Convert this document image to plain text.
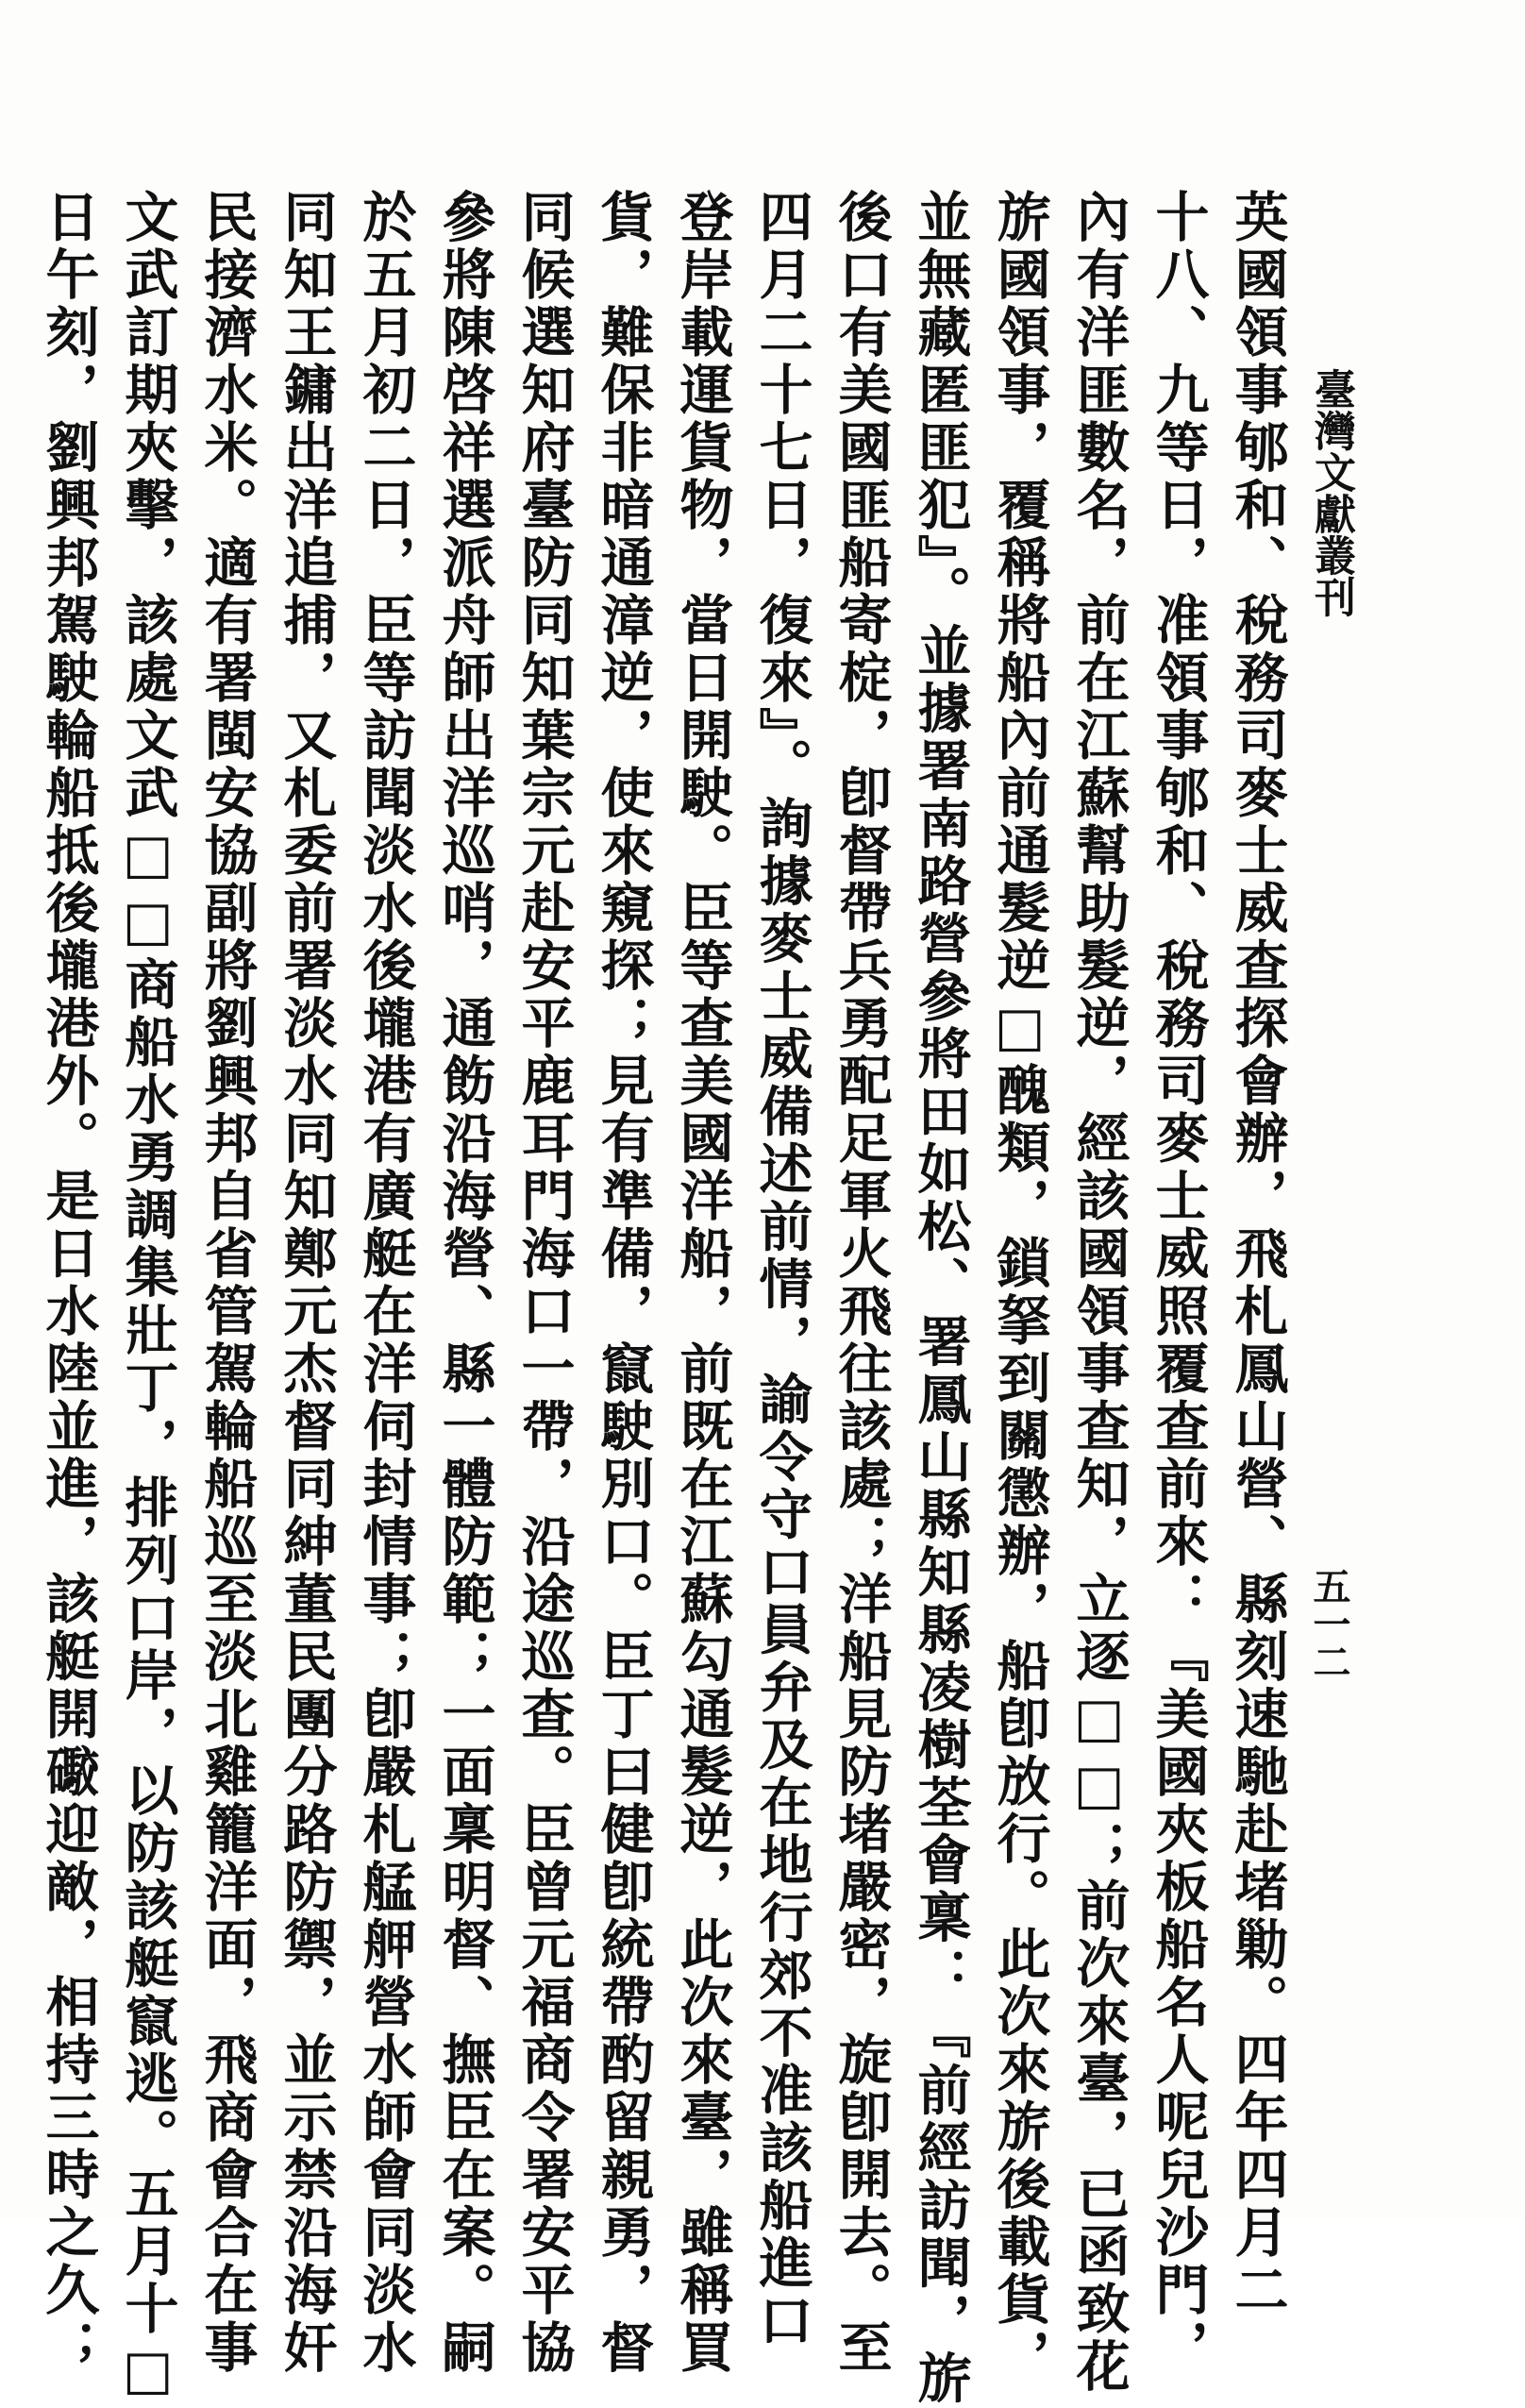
臺灣文獻叢刊
五一二
英國領事郇和、稅務司麥士威查探會辦，飛札鳳山營、縣刻速馳赴堵勦。四年四月二
十八、九等日，准領事郇和、稅務司麥士威照覆查前來：『美國夾板船名人呢兒沙門，
內有洋匪數名，前在江蘇幫助髮逆，經該國領事查知，立逐□□；前次來臺，已函致花
旂國領事，覆稱將船內前通髮逆□醜類，鎖拏到關懲辦，船卽放行。此次來旂後載貨，
並無藏匿匪犯』。並據署南路營參將田如松、署鳳山縣知縣凌樹荃會稟：『前經訪聞，旂
後口有美國匪船寄椗，卽督帶兵勇配足軍火飛往該處；洋船見防堵嚴密，旋卽開去。至
四月二十七日，復來』。詢據麥士威備述前情，諭令守口員弁及在地行郊不准該船進口
登岸載運貨物，當日開駛。臣等查美國洋船，前既在江蘇勾通髮逆，此次來臺，雖稱買
貨，難保非暗通漳逆，使來窺探；見有準備，竄駛別口。臣丁曰健卽統帶酌留親勇，督
同候選知府臺防同知葉宗元赴安平鹿耳門海口一帶，沿途巡查。臣曾元福商令署安平協
參將陳啓祥選派舟師出洋巡哨，通飭沿海營、縣一體防範；一面稟明督、撫臣在案。嗣
於五月初二日，臣等訪聞淡水後壠港有廣艇在洋伺封情事；卽嚴札艋舺營水師會同淡水
同知王鏞出洋追捕，又札委前署淡水同知鄭元杰督同紳董民團分路防禦，並示禁沿海奸
民接濟水米。適有署閩安協副將劉興邦自省管駕輪船巡至淡北雞籠洋面，飛商會合在事
文武訂期夾擊，該處文武□□商船水勇調集壯丁，排列口岸，以防該艇竄逃。五月十□
日午刻，劉興邦駕駛輪船抵後壠港外。是日水陸並進，該艇開礮迎敵，相持三時之久；
